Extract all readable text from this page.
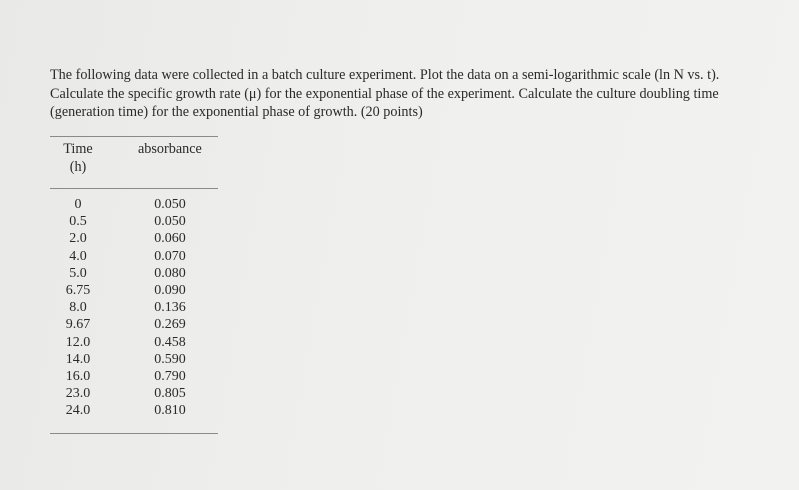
The following data were collected in a batch culture experiment. Plot the data on a semi-logarithmic scale (ln N vs. t). Calculate the specific growth rate (μ) for the exponential phase of the experiment. Calculate the culture doubling time (generation time) for the exponential phase of growth. (20 points)
Time
(h)
absorbance
0
0.5
2.0
4.0
5.0
6.75
8.0
9.67
12.0
14.0
16.0
23.0
24.0
0.050
0.050
0.060
0.070
0.080
0.090
0.136
0.269
0.458
0.590
0.790
0.805
0.810
